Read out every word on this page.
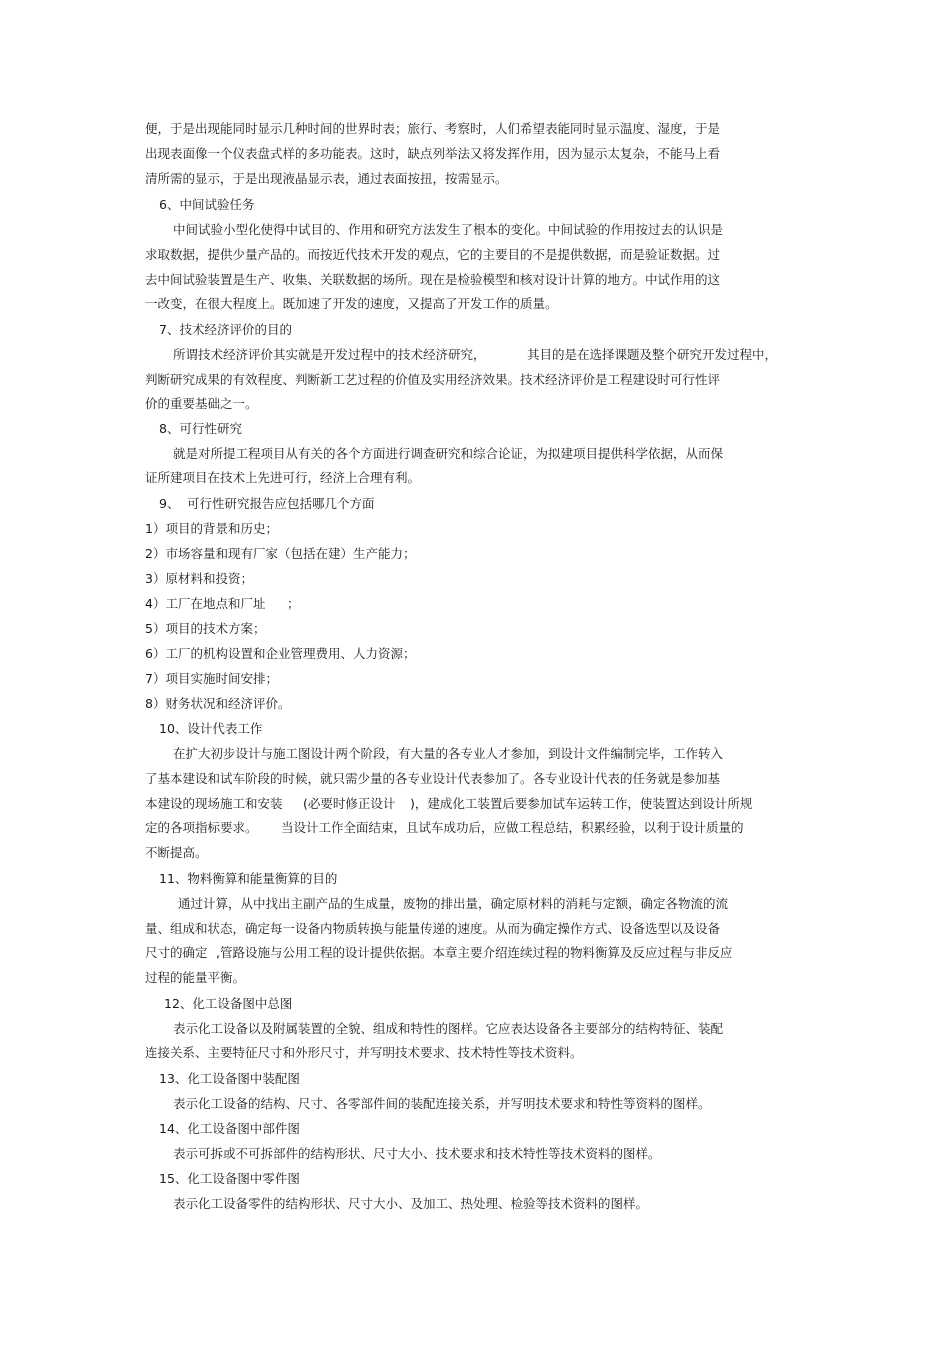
便，于是出现能同时显示几种时间的世界时表；旅行、考察时，人们希望表能同时显示温度、湿度，于是
出现表面像一个仪表盘式样的多功能表。这时，缺点列举法又将发挥作用，因为显示太复杂，不能马上看
清所需的显示，于是出现液晶显示表，通过表面按扭，按需显示。
6、中间试验任务
中间试验小型化使得中试目的、作用和研究方法发生了根本的变化。中间试验的作用按过去的认识是
求取数据，提供少量产品的。而按近代技术开发的观点，它的主要目的不是提供数据，而是验证数据。过
去中间试验装置是生产、收集、关联数据的场所。现在是检验模型和核对设计计算的地方。中试作用的这
一改变，在很大程度上。既加速了开发的速度，又提高了开发工作的质量。
7、技术经济评价的目的
所谓技术经济评价其实就是开发过程中的技术经济研究，	其目的是在选择课题及整个研究开发过程中，
判断研究成果的有效程度、判断新工艺过程的价值及实用经济效果。技术经济评价是工程建设时可行性评
价的重要基础之一。
8、可行性研究
就是对所提工程项目从有关的各个方面进行调查研究和综合论证，为拟建项目提供科学依据，从而保
证所建项目在技术上先进可行，经济上合理有利。
9、 可行性研究报告应包括哪几个方面
1）项目的背景和历史；
2）市场容量和现有厂家（包括在建）生产能力；
3）原材料和投资；
4）工厂在地点和厂址 ；
5）项目的技术方案；
6）工厂的机构设置和企业管理费用、人力资源；
7）项目实施时间安排；
8）财务状况和经济评价。
10、设计代表工作
在扩大初步设计与施工图设计两个阶段，有大量的各专业人才参加，到设计文件编制完毕，工作转入
了基本建设和试车阶段的时候，就只需少量的各专业设计代表参加了。各专业设计代表的任务就是参加基
本建设的现场施工和安装 (必要时修正设计 )，建成化工装置后要参加试车运转工作，使装置达到设计所规
定的各项指标要求。 当设计工作全面结束，且试车成功后，应做工程总结，积累经验，以利于设计质量的
不断提高。
11、物料衡算和能量衡算的目的
通过计算，从中找出主副产品的生成量，废物的排出量，确定原材料的消耗与定额，确定各物流的流
量、组成和状态，确定每一设备内物质转换与能量传递的速度。从而为确定操作方式、设备选型以及设备
尺寸的确定 ,管路设施与公用工程的设计提供依据。本章主要介绍连续过程的物料衡算及反应过程与非反应
过程的能量平衡。
12、化工设备图中总图
表示化工设备以及附属装置的全貌、组成和特性的图样。它应表达设备各主要部分的结构特征、装配
连接关系、主要特征尺寸和外形尺寸，并写明技术要求、技术特性等技术资料。
13、化工设备图中装配图
表示化工设备的结构、尺寸、各零部件间的装配连接关系，并写明技术要求和特性等资料的图样。
14、化工设备图中部件图
表示可拆或不可拆部件的结构形状、尺寸大小、技术要求和技术特性等技术资料的图样。
15、化工设备图中零件图
表示化工设备零件的结构形状、尺寸大小、及加工、热处理、检验等技术资料的图样。
